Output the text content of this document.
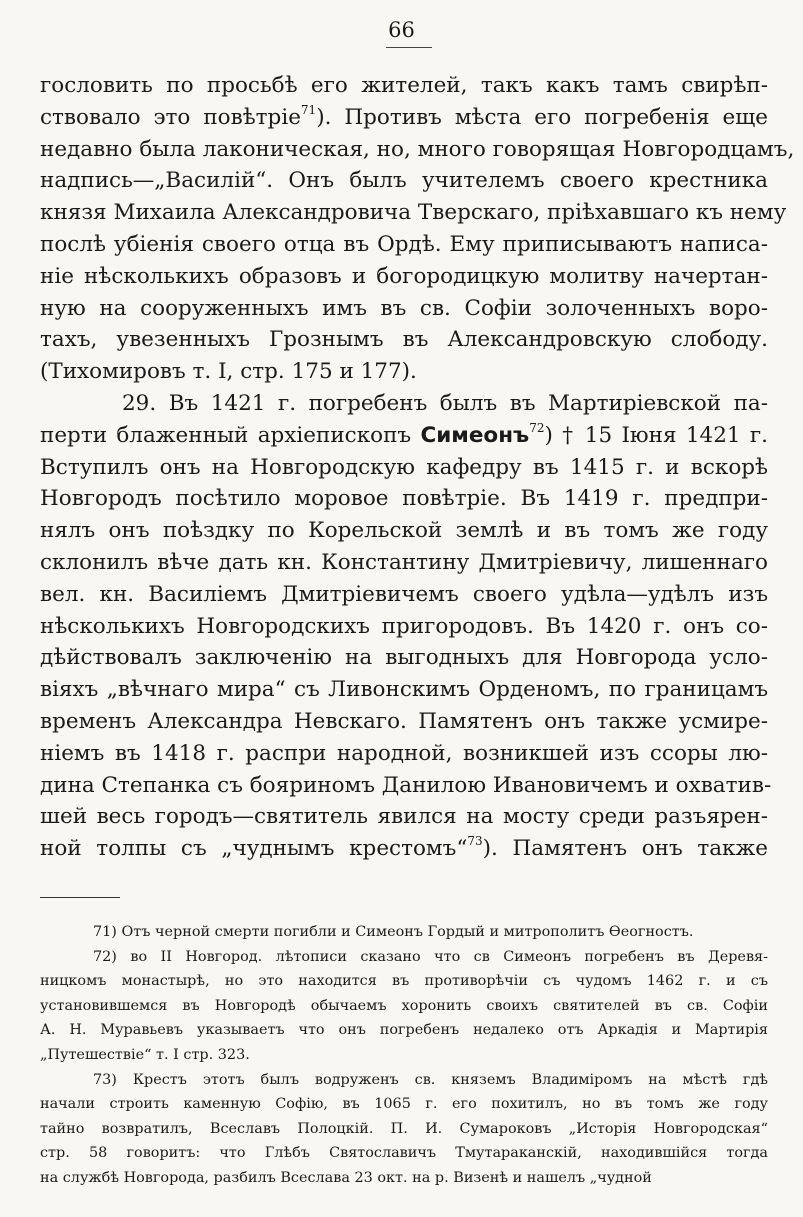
66
гословить по просьбѣ его жителей, такъ какъ тамъ свирѣп-
ствовало это повѣтріе$^{71}$). Противъ мѣста его погребенія еще
недавно была лаконическая, но, много говорящая Новгородцамъ,
надпись—„Василій“. Онъ былъ учителемъ своего крестника
князя Михаила Александровича Тверскаго, пріѣхавшаго къ нему
послѣ убіенія своего отца въ Ордѣ. Ему приписываютъ написа-
ніе нѣсколькихъ образовъ и богородицкую молитву начертан-
ную на сооруженныхъ имъ въ св. Софіи золоченныхъ воро-
тахъ, увезенныхъ Грознымъ въ Александровскую слободу.
(Тихомировъ т. I, стр. 175 и 177).
29. Въ 1421 г. погребенъ былъ въ Мартиріевской па-
перти блаженный архіепископъ Симеонъ$^{72}$) † 15 Іюня 1421 г.
Вступилъ онъ на Новгородскую кафедру въ 1415 г. и вскорѣ
Новгородъ посѣтило моровое повѣтріе. Въ 1419 г. предпри-
нялъ онъ поѣздку по Корельской землѣ и въ томъ же году
склонилъ вѣче дать кн. Константину Дмитріевичу, лишеннаго
вел. кн. Василіемъ Дмитріевичемъ своего удѣла—удѣлъ изъ
нѣсколькихъ Новгородскихъ пригородовъ. Въ 1420 г. онъ со-
дѣйствовалъ заключенію на выгодныхъ для Новгорода усло-
віяхъ „вѣчнаго мира“ съ Ливонскимъ Орденомъ, по границамъ
временъ Александра Невскаго. Памятенъ онъ также усмире-
ніемъ въ 1418 г. распри народной, возникшей изъ ссоры лю-
дина Степанка съ бояриномъ Данилою Ивановичемъ и охватив-
шей весь городъ—святитель явился на мосту среди разъярен-
ной толпы съ „чуднымъ крестомъ“$^{73}$). Памятенъ онъ также
71) Отъ черной смерти погибли и Симеонъ Гордый и митрополитъ Ѳеогностъ.
72) во II Новгород. лѣтописи сказано что св Симеонъ погребенъ въ Деревя-
ницкомъ монастырѣ, но это находится въ противорѣчіи съ чудомъ 1462 г. и съ
установившемся въ Новгородѣ обычаемъ хоронить своихъ святителей въ св. Софіи
А. Н. Муравьевъ указываетъ что онъ погребенъ недалеко отъ Аркадія и Мартирія
„Путешествіе“ т. I стр. 323.
73) Крестъ этотъ былъ водруженъ св. княземъ Владиміромъ на мѣстѣ гдѣ
начали строить каменную Софію, въ 1065 г. его похитилъ, но въ томъ же году
тайно возвратилъ, Всеславъ Полоцкій. П. И. Сумароковъ „Исторія Новгородская“
стр. 58 говоритъ: что Глѣбъ Святославичъ Тмутараканскій, находившійся тогда
на службѣ Новгорода, разбилъ Всеслава 23 окт. на р. Визенѣ и нашелъ „чудной
